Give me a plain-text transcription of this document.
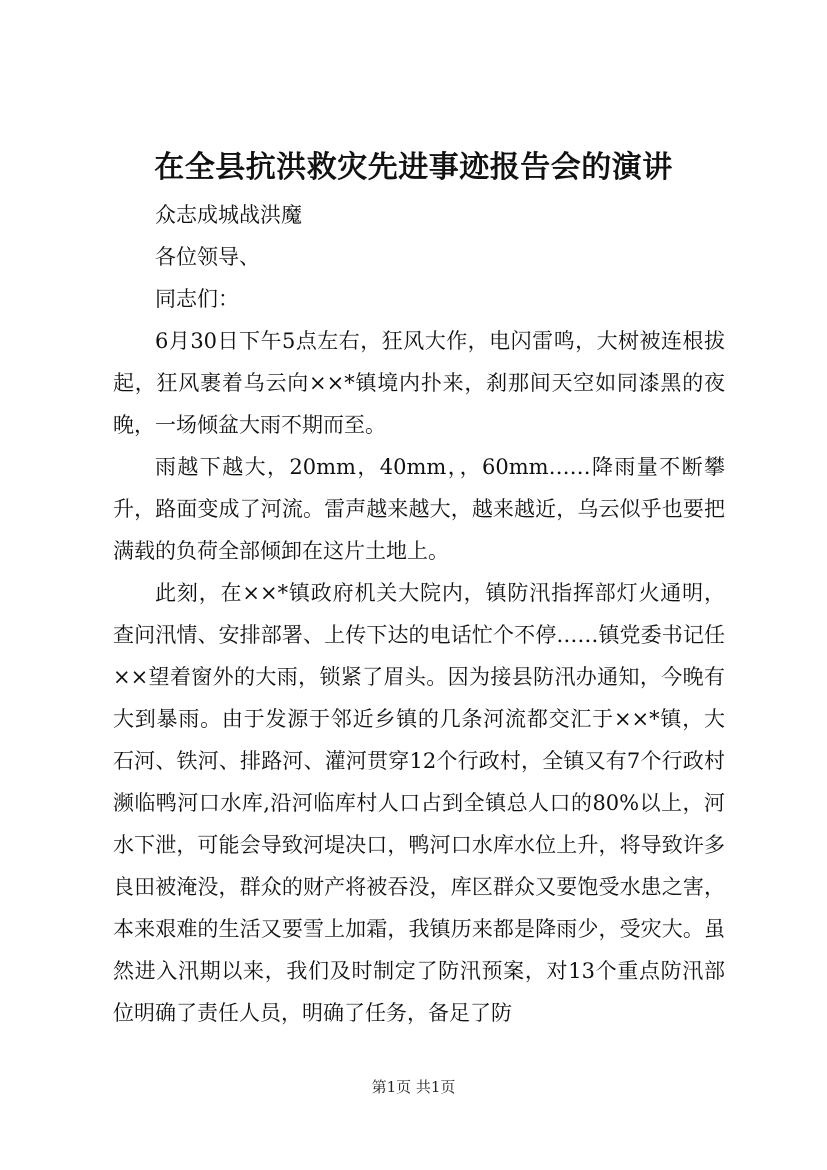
在全县抗洪救灾先进事迹报告会的演讲

众志成城战洪魔

各位领导、

同志们：

6月30日下午5点左右，狂风大作，电闪雷鸣，大树被连根拔起，狂风裹着乌云向××*镇境内扑来，刹那间天空如同漆黑的夜晚，一场倾盆大雨不期而至。

雨越下越大，20mm，40mm，，60mm……降雨量不断攀升，路面变成了河流。雷声越来越大，越来越近，乌云似乎也要把满载的负荷全部倾卸在这片土地上。

此刻，在××*镇政府机关大院内，镇防汛指挥部灯火通明，查问汛情、安排部署、上传下达的电话忙个不停……镇党委书记任××望着窗外的大雨，锁紧了眉头。因为接县防汛办通知，今晚有大到暴雨。由于发源于邻近乡镇的几条河流都交汇于××*镇，大石河、铁河、排路河、灌河贯穿12个行政村，全镇又有7个行政村濒临鸭河口水库,沿河临库村人口占到全镇总人口的80%以上，河水下泄，可能会导致河堤决口，鸭河口水库水位上升，将导致许多良田被淹没，群众的财产将被吞没，库区群众又要饱受水患之害，本来艰难的生活又要雪上加霜，我镇历来都是降雨少，受灾大。虽然进入汛期以来，我们及时制定了防汛预案，对13个重点防汛部位明确了责任人员，明确了任务，备足了防

第1页 共1页
